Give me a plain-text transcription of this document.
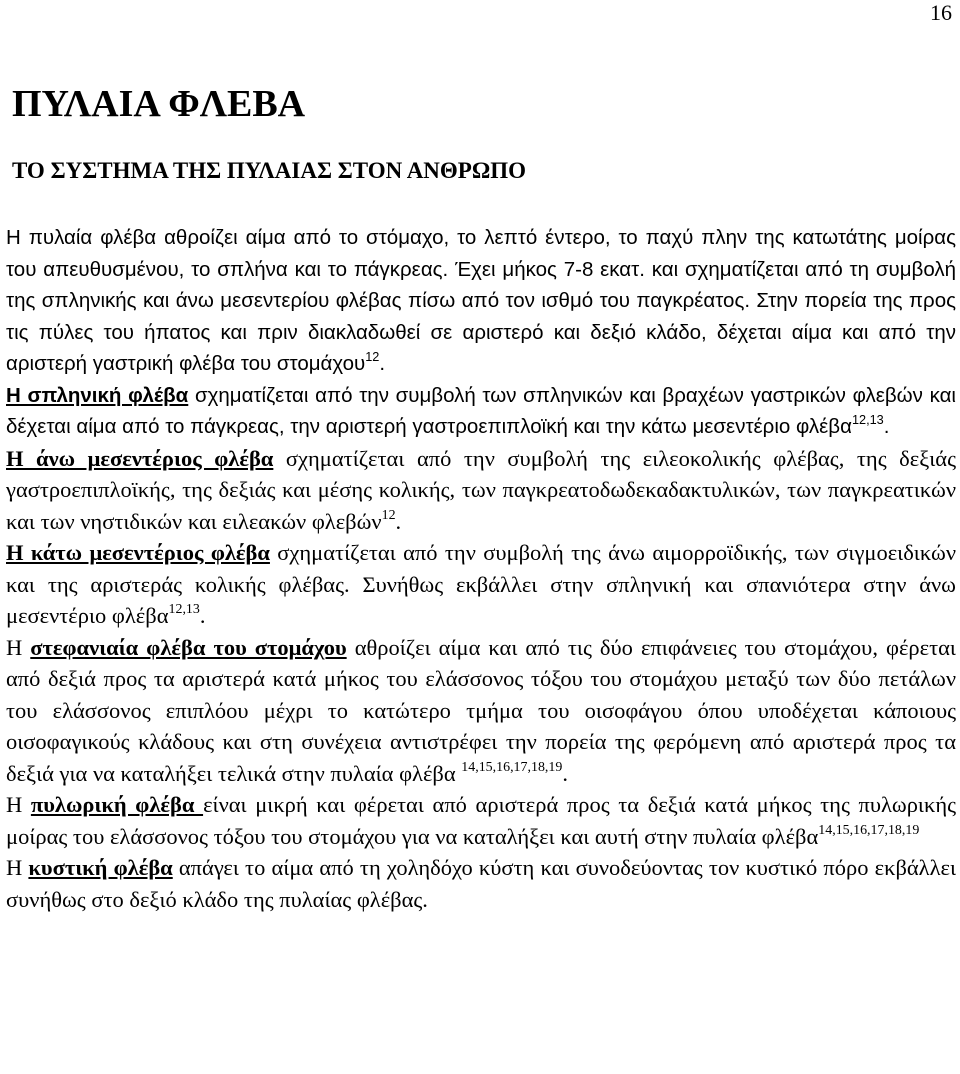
16
ΠΥΛΑΙΑ ΦΛΕΒΑ
ΤΟ ΣΥΣΤΗΜΑ ΤΗΣ ΠΥΛΑΙΑΣ ΣΤΟΝ ΑΝΘΡΩΠΟ

Η πυλαία φλέβα αθροίζει αίμα από το στόμαχο, το λεπτό έντερο, το παχύ πλην της κατωτάτης μοίρας του απευθυσμένου, το σπλήνα και το πάγκρεας. Έχει μήκος 7-8 εκατ. και σχηματίζεται από τη συμβολή της σπληνικής και άνω μεσεντερίου φλέβας πίσω από τον ισθμό του παγκρέατος. Στην πορεία της προς τις πύλες του ήπατος και πριν διακλαδωθεί σε αριστερό και δεξιό κλάδο, δέχεται αίμα και από την αριστερή γαστρική φλέβα του στομάχου$^{12}$.

Η σπληνική φλέβα σχηματίζεται από την συμβολή των σπληνικών και βραχέων γαστρικών φλεβών και δέχεται αίμα από το πάγκρεας, την αριστερή γαστροεπιπλοϊκή και την κάτω μεσεντέριο φλέβα$^{12,13}$.

Η άνω μεσεντέριος φλέβα σχηματίζεται από την συμβολή της ειλεοκολικής φλέβας, της δεξιάς γαστροεπιπλοϊκής, της δεξιάς και μέσης κολικής, των παγκρεατοδωδεκαδακτυλικών, των παγκρεατικών και των νηστιδικών και ειλεακών φλεβών$^{12}$.

Η κάτω μεσεντέριος φλέβα σχηματίζεται από την συμβολή της άνω αιμορροϊδικής, των σιγμοειδικών και της αριστεράς κολικής φλέβας. Συνήθως εκβάλλει στην σπληνική και σπανιότερα στην άνω μεσεντέριο φλέβα$^{12,13}$.

Η στεφανιαία φλέβα του στομάχου αθροίζει αίμα και από τις δύο επιφάνειες του στομάχου, φέρεται από δεξιά προς τα αριστερά κατά μήκος του ελάσσονος τόξου του στομάχου μεταξύ των δύο πετάλων του ελάσσονος επιπλόου μέχρι το κατώτερο τμήμα του οισοφάγου όπου υποδέχεται κάποιους οισοφαγικούς κλάδους και στη συνέχεια αντιστρέφει την πορεία της φερόμενη από αριστερά προς τα δεξιά για να καταλήξει τελικά στην πυλαία φλέβα $^{14,15,16,17,18,19}$.

Η πυλωρική φλέβα είναι μικρή και φέρεται από αριστερά προς τα δεξιά κατά μήκος της πυλωρικής μοίρας του ελάσσονος τόξου του στομάχου για να καταλήξει και αυτή στην πυλαία φλέβα$^{14,15,16,17,18,19}$

Η κυστική φλέβα απάγει το αίμα από τη χοληδόχο κύστη και συνοδεύοντας τον κυστικό πόρο εκβάλλει συνήθως στο δεξιό κλάδο της πυλαίας φλέβας.
